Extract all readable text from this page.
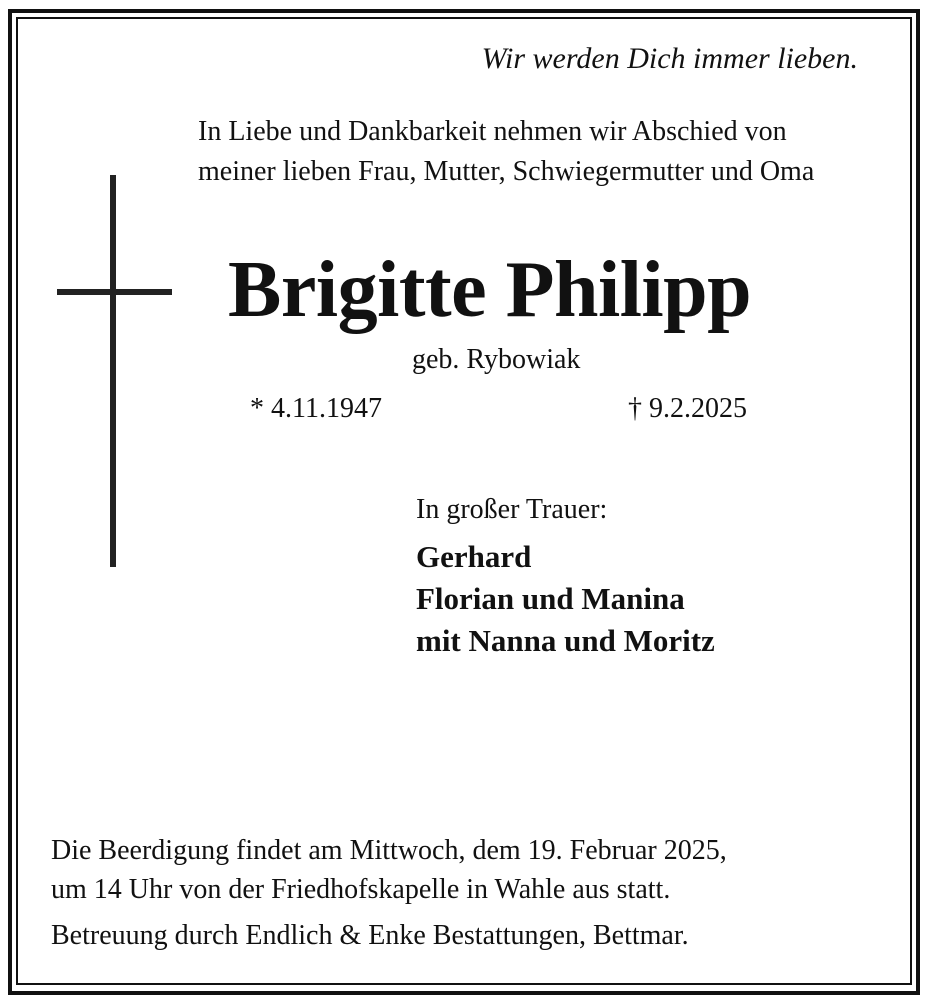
Wir werden Dich immer lieben.
In Liebe und Dankbarkeit nehmen wir Abschied von
meiner lieben Frau, Mutter, Schwiegermutter und Oma
Brigitte Philipp
geb. Rybowiak
* 4.11.1947	† 9.2.2025
In großer Trauer:
Gerhard
Florian und Manina
mit Nanna und Moritz
Die Beerdigung findet am Mittwoch, dem 19. Februar 2025,
um 14 Uhr von der Friedhofskapelle in Wahle aus statt.
Betreuung durch Endlich & Enke Bestattungen, Bettmar.
